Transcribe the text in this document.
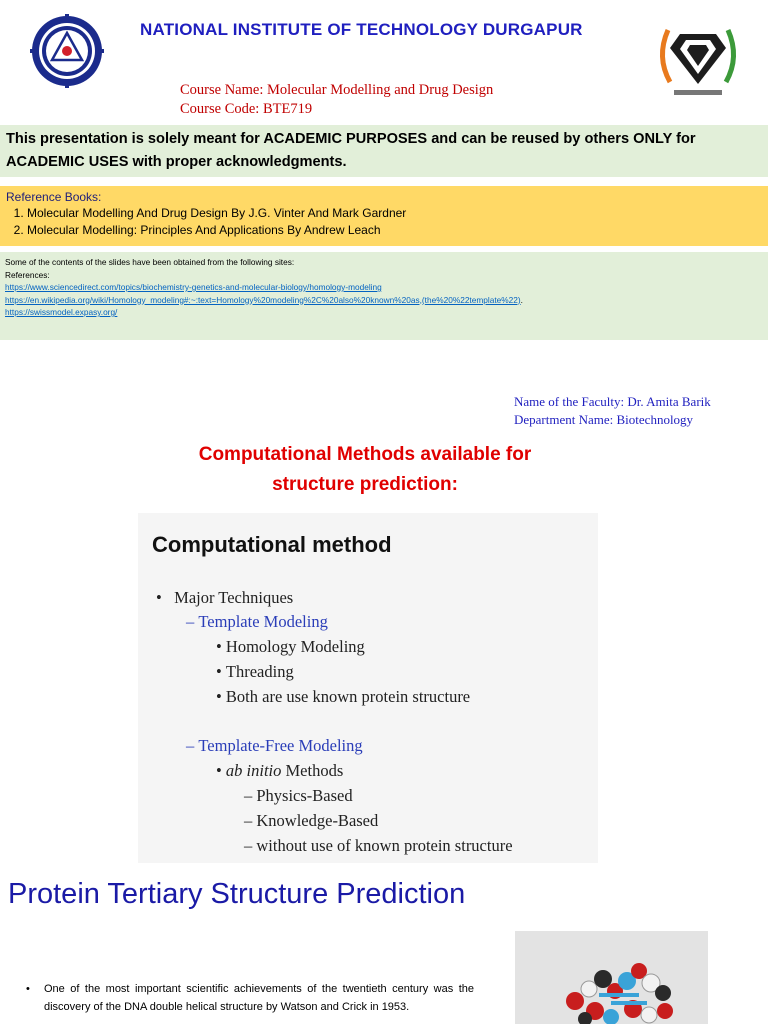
NATIONAL INSTITUTE OF TECHNOLOGY DURGAPUR
Course Name: Molecular Modelling and Drug Design
Course Code: BTE719

This presentation is solely meant for ACADEMIC PURPOSES and can be reused by others ONLY for ACADEMIC USES with proper acknowledgments.

Reference Books:
1. Molecular Modelling And Drug Design By J.G. Vinter And Mark Gardner
2. Molecular Modelling: Principles And Applications By Andrew Leach
Some of the contents of the slides have been obtained from the following sites:
References:
https://www.sciencedirect.com/topics/biochemistry-genetics-and-molecular-biology/homology-modeling
https://en.wikipedia.org/wiki/Homology_modeling#:~:text=Homology%20modeling%2C%20also%20known%20as,(the%20%22template%22).
https://swissmodel.expasy.org/
Name of the Faculty: Dr. Amita Barik
Department Name: Biotechnology
Computational Methods available for
structure prediction:
Computational method
•   Major Techniques
– Template Modeling
• Homology Modeling
• Threading
• Both are use known protein structure
– Template-Free Modeling
• ab initio Methods
– Physics-Based
– Knowledge-Based
– without use of known protein structure
Protein Tertiary Structure Prediction
•	One of the most important scientific achievements of the twentieth century was the discovery of the DNA double helical structure by Watson and Crick in 1953.
